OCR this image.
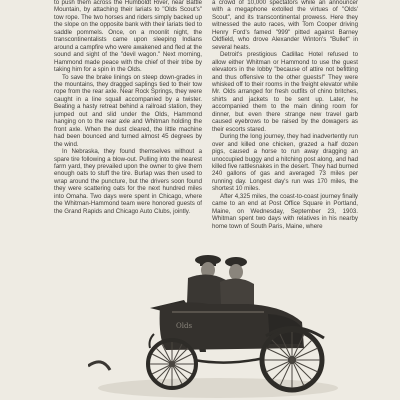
to push them across the Humboldt River, near Battle Mountain, by attaching their lariats to "Olds Scout's" tow rope. The two horses and riders simply backed up the slope on the opposite bank with their lariats tied to saddle pommels. Once, on a moonlit night, the transcontinentalists came upon sleeping Indians around a campfire who were awakened and fled at the sound and sight of the "devil wagon." Next morning, Hammond made peace with the chief of their tribe by taking him for a spin in the Olds.

To save the brake linings on steep down-grades in the mountains, they dragged saplings tied to their tow rope from the rear axle. Near Rock Springs, they were caught in a line squall accompanied by a twister. Beating a hasty retreat behind a railroad station, they jumped out and slid under the Olds, Hammond hanging on to the rear axle and Whitman holding the front axle. When the dust cleared, the little machine had been bounced and turned almost 45 degrees by the wind.

In Nebraska, they found themselves without a spare tire following a blow-out. Pulling into the nearest farm yard, they prevailed upon the owner to give them enough oats to stuff the tire. Burlap was then used to wrap around the puncture, but the drivers soon found they were scattering oats for the next hundred miles into Omaha. Two days were spent in Chicago, where the Whitman-Hammond team were honored guests of the Grand Rapids and Chicago Auto Clubs, jointly.

a crowd of 10,000 spectators while an announcer with a megaphone extolled the virtues of "Olds' Scout", and its transcontinental prowess. Here they witnessed the auto races, with Tom Cooper driving Henry Ford's famed "999" pitted against Barney Oldfield, who drove Alexander Winton's "Bullet" in several heats.

Detroit's prestigious Cadillac Hotel refused to allow either Whitman or Hammond to use the guest elevators in the lobby "because of attire not befitting and thus offensive to the other guests!" They were whisked off to their rooms in the freight elevator while Mr. Olds arranged for fresh outfits of chino britches, shirts and jackets to be sent up. Later, he accompanied them to the main dining room for dinner, but even there strange new travel garb caused eyebrows to be raised by the dowagers as their escorts stared.

During the long journey, they had inadvertently run over and killed one chicken, grazed a half dozen pigs, caused a horse to run away dragging an unoccupied buggy and a hitching post along, and had killed five rattlesnakes in the desert. They had burned 240 gallons of gas and averaged 73 miles per running day. Longest day's run was 170 miles, the shortest 10 miles.

After 4,325 miles, the coast-to-coast journey finally came to an end at Post Office Square in Portland, Maine, on Wednesday, September 23, 1903. Whitman spent two days with relatives in his nearby home town of South Paris, Maine, where

Olds
